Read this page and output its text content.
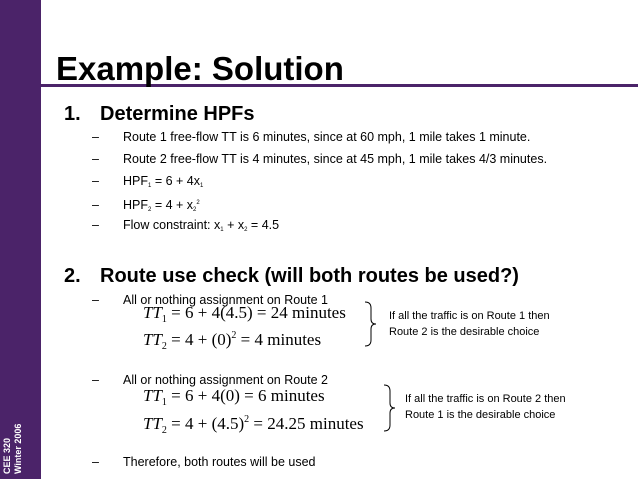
CEE 320 Winter 2006
Example: Solution
1. Determine HPFs
– Route 1 free-flow TT is 6 minutes, since at 60 mph, 1 mile takes 1 minute.
– Route 2 free-flow TT is 4 minutes, since at 45 mph, 1 mile takes 4/3 minutes.
– $HPF_1 = 6 + 4x_1$
– $HPF_2 = 4 + x_2^2$
– Flow constraint: $x_1 + x_2 = 4.5$
2. Route use check (will both routes be used?)
– All or nothing assignment on Route 1
$TT_1 = 6 + 4(4.5) = 24$ minutes
$TT_2 = 4 + (0)^2 = 4$ minutes
If all the traffic is on Route 1 then
Route 2 is the desirable choice
– All or nothing assignment on Route 2
$TT_1 = 6 + 4(0) = 6$ minutes
$TT_2 = 4 + (4.5)^2 = 24.25$ minutes
If all the traffic is on Route 2 then
Route 1 is the desirable choice
– Therefore, both routes will be used
